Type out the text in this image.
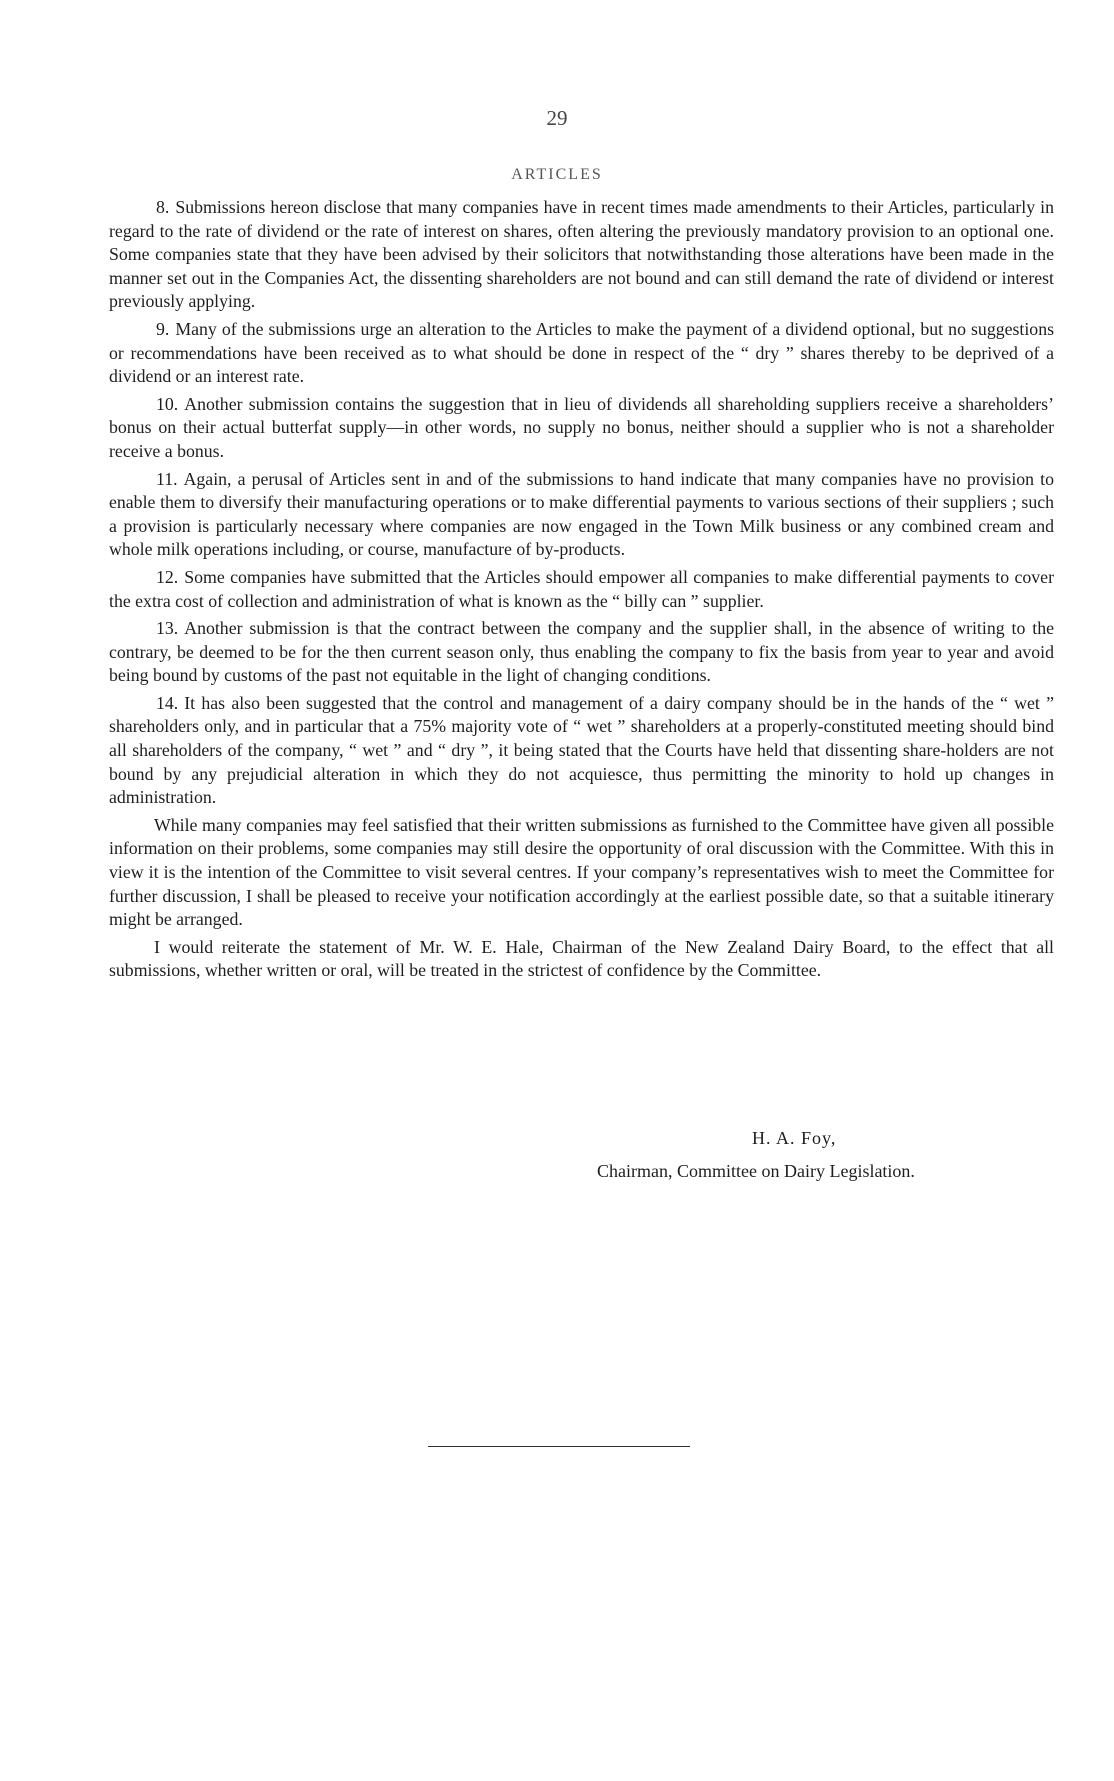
29
ARTICLES

8. Submissions hereon disclose that many companies have in recent times made amendments to their Articles, particularly in regard to the rate of dividend or the rate of interest on shares, often altering the previously mandatory provision to an optional one. Some companies state that they have been advised by their solicitors that notwithstanding those alterations have been made in the manner set out in the Companies Act, the dissenting shareholders are not bound and can still demand the rate of dividend or interest previously applying.

9. Many of the submissions urge an alteration to the Articles to make the payment of a dividend optional, but no suggestions or recommendations have been received as to what should be done in respect of the “ dry ” shares thereby to be deprived of a dividend or an interest rate.

10. Another submission contains the suggestion that in lieu of dividends all shareholding suppliers receive a shareholders’ bonus on their actual butterfat supply—in other words, no supply no bonus, neither should a supplier who is not a shareholder receive a bonus.

11. Again, a perusal of Articles sent in and of the submissions to hand indicate that many companies have no provision to enable them to diversify their manufacturing operations or to make differential payments to various sections of their suppliers ; such a provision is particularly necessary where companies are now engaged in the Town Milk business or any combined cream and whole milk operations including, or course, manufacture of by-products.

12. Some companies have submitted that the Articles should empower all companies to make differential payments to cover the extra cost of collection and administration of what is known as the “ billy can ” supplier.

13. Another submission is that the contract between the company and the supplier shall, in the absence of writing to the contrary, be deemed to be for the then current season only, thus enabling the company to fix the basis from year to year and avoid being bound by customs of the past not equitable in the light of changing conditions.

14. It has also been suggested that the control and management of a dairy company should be in the hands of the “ wet ” shareholders only, and in particular that a 75% majority vote of “ wet ” shareholders at a properly-constituted meeting should bind all shareholders of the company, “ wet ” and “ dry ”, it being stated that the Courts have held that dissenting share-holders are not bound by any prejudicial alteration in which they do not acquiesce, thus permitting the minority to hold up changes in administration.

While many companies may feel satisfied that their written submissions as furnished to the Committee have given all possible information on their problems, some companies may still desire the opportunity of oral discussion with the Committee. With this in view it is the intention of the Committee to visit several centres. If your company’s representatives wish to meet the Committee for further discussion, I shall be pleased to receive your notification accordingly at the earliest possible date, so that a suitable itinerary might be arranged.

I would reiterate the statement of Mr. W. E. Hale, Chairman of the New Zealand Dairy Board, to the effect that all submissions, whether written or oral, will be treated in the strictest of confidence by the Committee.

H. A. Foy,
Chairman, Committee on Dairy Legislation.
